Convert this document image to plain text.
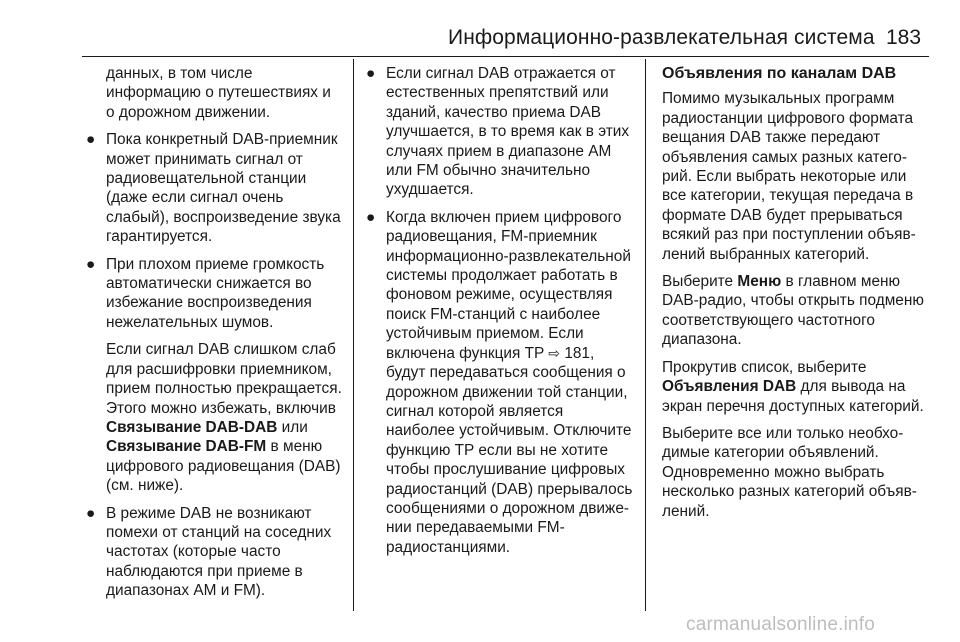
Информационно-развлекательная система 183

данных, в том числе информацию о путешествиях и о дорожном движении.

● Пока конкретный DAB-приемник может принимать сигнал от радиовещательной станции (даже если сигнал очень слабый), воспроизведение звука гарантируется.

● При плохом приеме громкость автоматически снижается во избежание воспроизведения нежелательных шумов.

Если сигнал DAB слишком слаб для расшифровки приемником, прием полностью прекращается. Этого можно избежать, включив
Связывание DAB-DAB или
Связывание DAB-FM в меню цифрового радиовещания (DAB) (см. ниже).

● В режиме DAB не возникают помехи от станций на соседних частотах (которые часто наблюдаются при приеме в диапазонах AM и FM).

● Если сигнал DAB отражается от естественных препятствий или зданий, качество приема DAB улучшается, в то время как в этих случаях прием в диапазоне AM или FM обычно значительно ухудшается.

● Когда включен прием цифрового радиовещания, FM-приемник информационно-развлекательной системы продолжает работать в фоновом режиме, осуществляя поиск FM-станций с наиболее устойчивым приемом. Если включена функция TP ⇨ 181, будут передаваться сообщения о дорожном движении той станции, сигнал которой является наиболее устойчивым. Отключите функцию TP если вы не хотите чтобы прослушивание цифровых радиостанций (DAB) прерывалось сообщениями о дорожном движении передаваемыми FM-радиостанциями.

Объявления по каналам DAB

Помимо музыкальных программ радиостанции цифрового формата вещания DAB также передают объявления самых разных категорий. Если выбрать некоторые или все категории, текущая передача в формате DAB будет прерываться всякий раз при поступлении объявлений выбранных категорий.

Выберите Меню в главном меню DAB-радио, чтобы открыть подменю соответствующего частотного диапазона.

Прокрутив список, выберите
Объявления DAB для вывода на экран перечня доступных категорий.

Выберите все или только необходимые категории объявлений. Одновременно можно выбрать несколько разных категорий объявлений.

carmanualsonline.info
